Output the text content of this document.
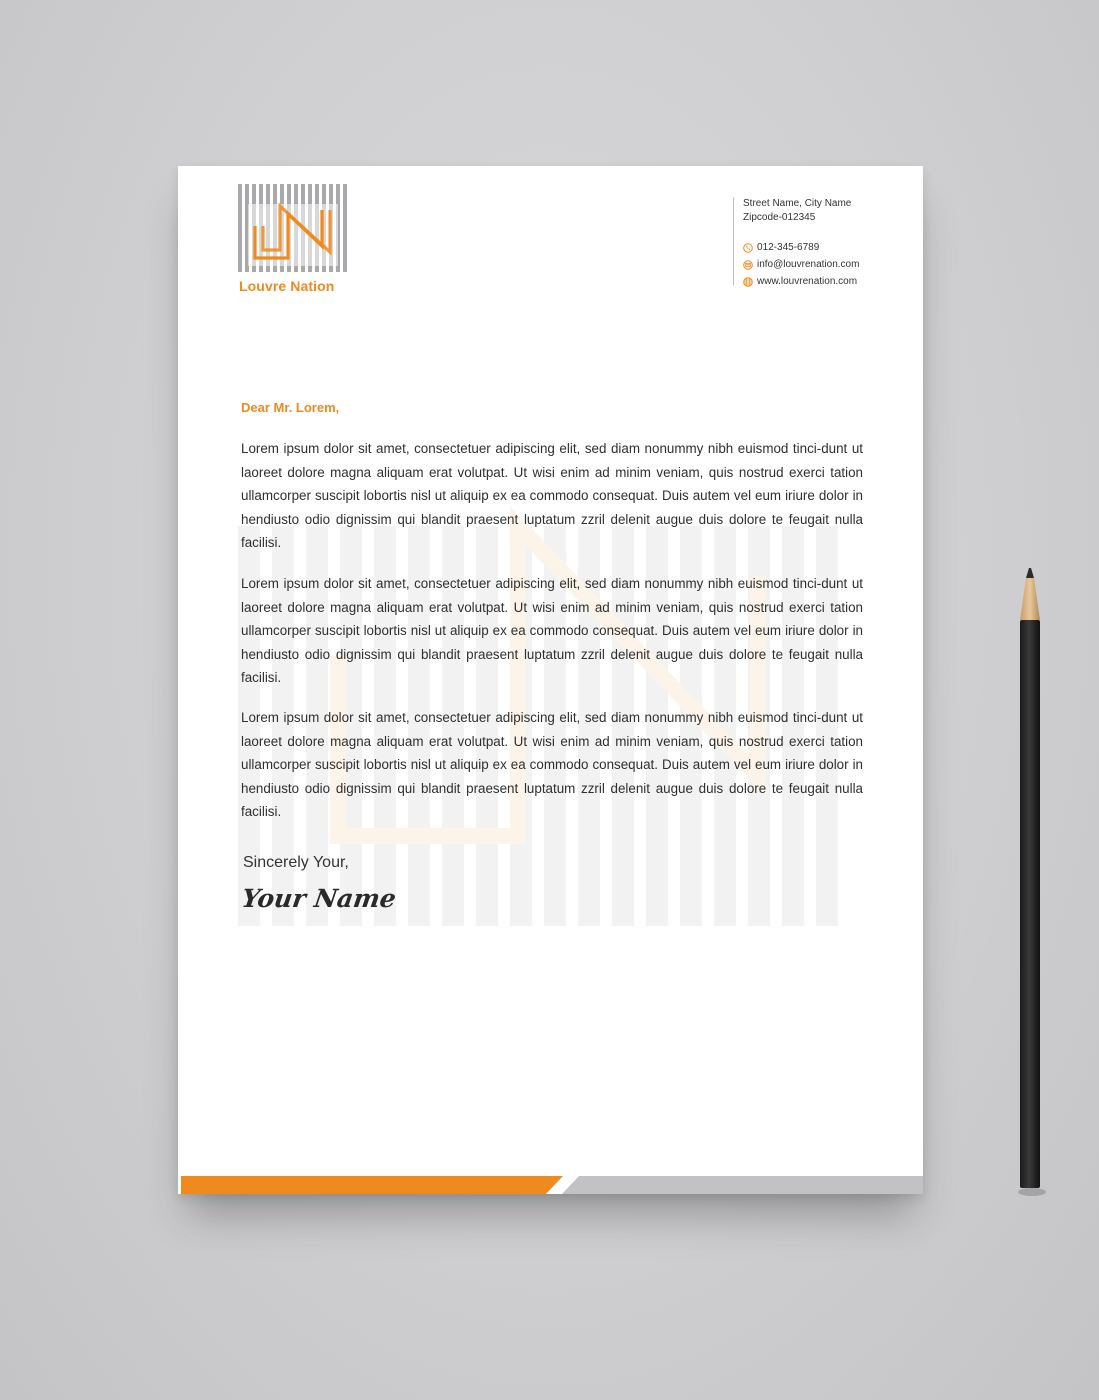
Louvre Nation
Street Name, City Name
Zipcode-012345
012-345-6789
info@louvrenation.com
www.louvrenation.com
Dear Mr. Lorem,

Lorem ipsum dolor sit amet, consectetuer adipiscing elit, sed diam nonummy nibh euismod tinci-dunt ut laoreet dolore magna aliquam erat volutpat. Ut wisi enim ad minim veniam, quis nostrud exerci tation ullamcorper suscipit lobortis nisl ut aliquip ex ea commodo consequat. Duis autem vel eum iriure dolor in hendiusto odio dignissim qui blandit praesent luptatum zzril delenit augue duis dolore te feugait nulla facilisi.

Lorem ipsum dolor sit amet, consectetuer adipiscing elit, sed diam nonummy nibh euismod tinci-dunt ut laoreet dolore magna aliquam erat volutpat. Ut wisi enim ad minim veniam, quis nostrud exerci tation ullamcorper suscipit lobortis nisl ut aliquip ex ea commodo consequat. Duis autem vel eum iriure dolor in hendiusto odio dignissim qui blandit praesent luptatum zzril delenit augue duis dolore te feugait nulla facilisi.

Lorem ipsum dolor sit amet, consectetuer adipiscing elit, sed diam nonummy nibh euismod tinci-dunt ut laoreet dolore magna aliquam erat volutpat. Ut wisi enim ad minim veniam, quis nostrud exerci tation ullamcorper suscipit lobortis nisl ut aliquip ex ea commodo consequat. Duis autem vel eum iriure dolor in hendiusto odio dignissim qui blandit praesent luptatum zzril delenit augue duis dolore te feugait nulla facilisi.

Sincerely Your,
Your Name
